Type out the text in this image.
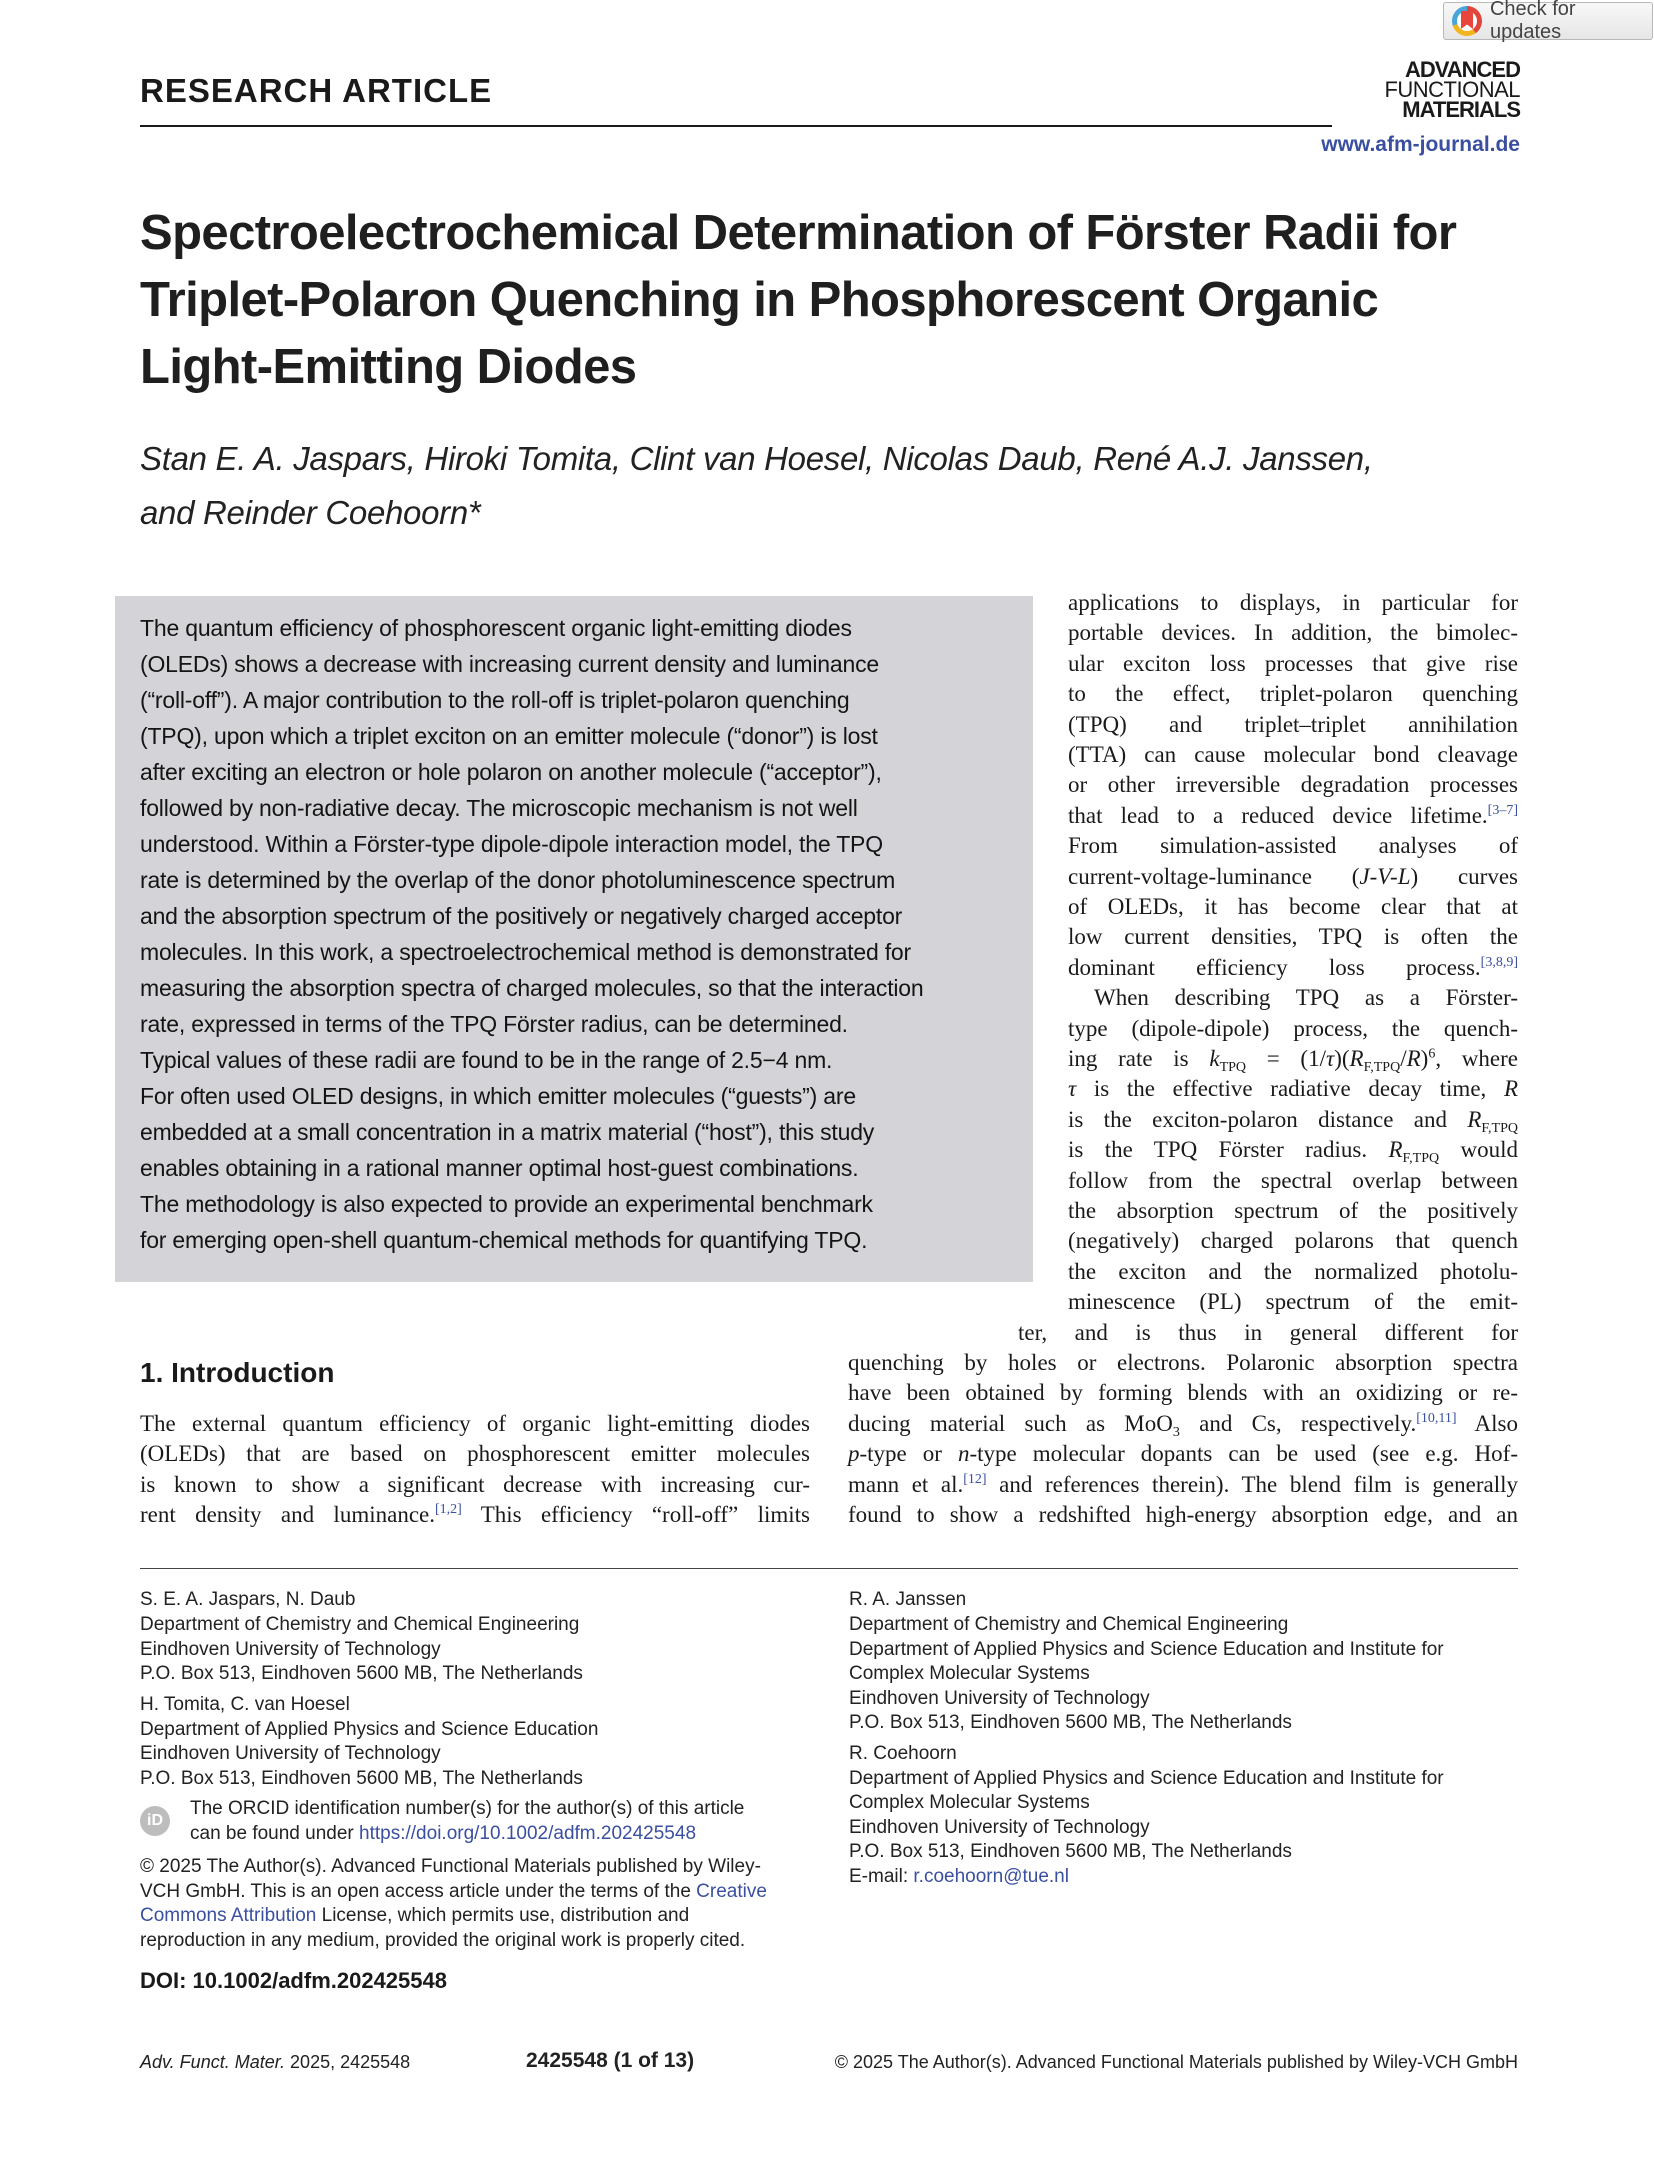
Check for updates
RESEARCH ARTICLE
ADVANCED
FUNCTIONAL
MATERIALS
www.afm-journal.de
Spectroelectrochemical Determination of Förster Radii for
Triplet-Polaron Quenching in Phosphorescent Organic
Light-Emitting Diodes
Stan E. A. Jaspars, Hiroki Tomita, Clint van Hoesel, Nicolas Daub, René A.J. Janssen,
and Reinder Coehoorn*
The quantum efficiency of phosphorescent organic light-emitting diodes
(OLEDs) shows a decrease with increasing current density and luminance
(“roll-off”). A major contribution to the roll-off is triplet-polaron quenching
(TPQ), upon which a triplet exciton on an emitter molecule (“donor”) is lost
after exciting an electron or hole polaron on another molecule (“acceptor”),
followed by non-radiative decay. The microscopic mechanism is not well
understood. Within a Förster-type dipole-dipole interaction model, the TPQ
rate is determined by the overlap of the donor photoluminescence spectrum
and the absorption spectrum of the positively or negatively charged acceptor
molecules. In this work, a spectroelectrochemical method is demonstrated for
measuring the absorption spectra of charged molecules, so that the interaction
rate, expressed in terms of the TPQ Förster radius, can be determined.
Typical values of these radii are found to be in the range of 2.5−4 nm.
For often used OLED designs, in which emitter molecules (“guests”) are
embedded at a small concentration in a matrix material (“host”), this study
enables obtaining in a rational manner optimal host-guest combinations.
The methodology is also expected to provide an experimental benchmark
for emerging open-shell quantum-chemical methods for quantifying TPQ.
applications to displays, in particular for
portable devices. In addition, the bimolec-
ular exciton loss processes that give rise
to the effect, triplet-polaron quenching
(TPQ) and triplet–triplet annihilation
(TTA) can cause molecular bond cleavage
or other irreversible degradation processes
that lead to a reduced device lifetime.[3–7]
From simulation-assisted analyses of
current-voltage-luminance (J-V-L) curves
of OLEDs, it has become clear that at
low current densities, TPQ is often the
dominant efficiency loss process.[3,8,9]
When describing TPQ as a Förster-
type (dipole-dipole) process, the quench-
ing rate is $k_{TPQ} = (1/\tau)(R_{F,TPQ}/R)^6$, where
τ is the effective radiative decay time, R
is the exciton-polaron distance and $R_{F,TPQ}$
is the TPQ Förster radius. $R_{F,TPQ}$ would
follow from the spectral overlap between
the absorption spectrum of the positively
(negatively) charged polarons that quench
the exciton and the normalized photolu-
minescence (PL) spectrum of the emit-
ter, and is thus in general different for
quenching by holes or electrons. Polaronic absorption spectra
have been obtained by forming blends with an oxidizing or re-
ducing material such as MoO$_3$ and Cs, respectively.[10,11] Also
p-type or n-type molecular dopants can be used (see e.g. Hof-
mann et al.[12] and references therein). The blend film is generally
found to show a redshifted high-energy absorption edge, and an
1. Introduction
The external quantum efficiency of organic light-emitting diodes
(OLEDs) that are based on phosphorescent emitter molecules
is known to show a significant decrease with increasing cur-
rent density and luminance.[1,2] This efficiency “roll-off” limits
S. E. A. Jaspars, N. Daub
Department of Chemistry and Chemical Engineering
Eindhoven University of Technology
P.O. Box 513, Eindhoven 5600 MB, The Netherlands
H. Tomita, C. van Hoesel
Department of Applied Physics and Science Education
Eindhoven University of Technology
P.O. Box 513, Eindhoven 5600 MB, The Netherlands
iD
The ORCID identification number(s) for the author(s) of this article
can be found under https://doi.org/10.1002/adfm.202425548
© 2025 The Author(s). Advanced Functional Materials published by Wiley-
VCH GmbH. This is an open access article under the terms of the Creative
Commons Attribution License, which permits use, distribution and
reproduction in any medium, provided the original work is properly cited.
R. A. Janssen
Department of Chemistry and Chemical Engineering
Department of Applied Physics and Science Education and Institute for
Complex Molecular Systems
Eindhoven University of Technology
P.O. Box 513, Eindhoven 5600 MB, The Netherlands
R. Coehoorn
Department of Applied Physics and Science Education and Institute for
Complex Molecular Systems
Eindhoven University of Technology
P.O. Box 513, Eindhoven 5600 MB, The Netherlands
E-mail: r.coehoorn@tue.nl
DOI: 10.1002/adfm.202425548
Adv. Funct. Mater. 2025, 2425548	2425548 (1 of 13)	© 2025 The Author(s). Advanced Functional Materials published by Wiley-VCH GmbH
